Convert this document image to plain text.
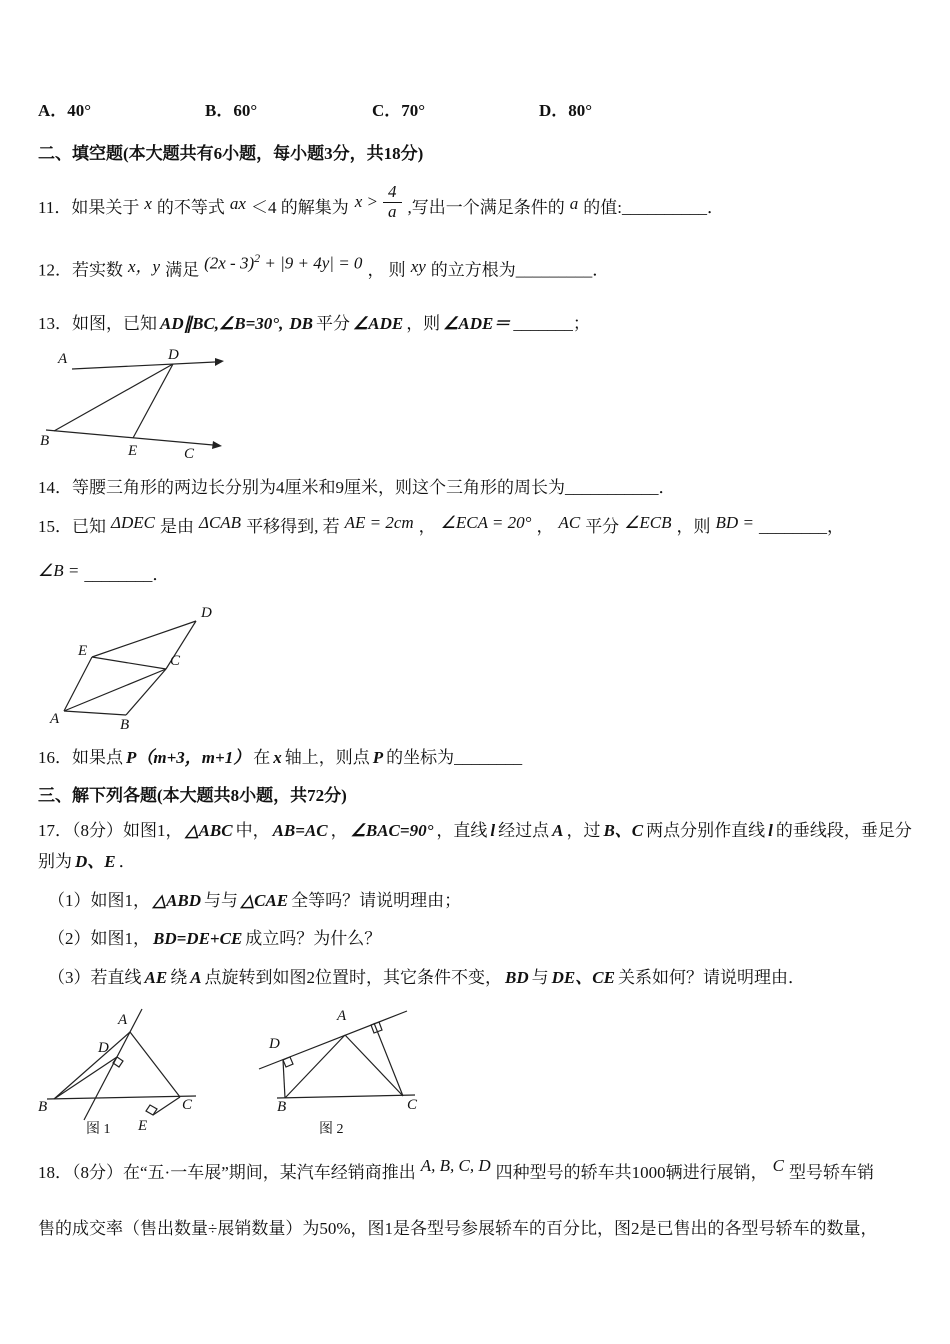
A．40°	B．60°	C．70°	D．80°
二、填空题(本大题共有6小题，每小题3分，共18分)
11．如果关于 x 的不等式 ax ＜4 的解集为 $x > \frac{4}{a}$ ,写出一个满足条件的 a 的值: __________ ．
12．若实数 x，y 满足 (2x - 3)$^2$ + |9 + 4y| = 0 ， 则 xy 的立方根为_________．
13．如图，已知 AD∥BC,∠B=30°, DB 平分 ∠ADE ，则 ∠ADE＝ _______；
A	D
B
E	C
14．等腰三角形的两边长分别为4厘米和9厘米，则这个三角形的周长为___________．
15．已知 ΔDEC 是由 ΔCAB 平移得到, 若 AE = 2cm ， ∠ECA = 20° ， AC 平分 ∠ECB ，则 BD = ________，
∠B = ________．
A	B
C
E
D
16．如果点 P（m+3，m+1） 在 x 轴上，则点 P 的坐标为________
三、解下列各题(本大题共8小题，共72分)
17．（8分）如图1， △ABC 中， AB=AC ， ∠BAC=90° ，直线 l 经过点 A ，过 B、C 两点分别作直线 l 的垂线段，垂足分
别为 D、E ．
（1）如图1， △ABD 与与 △CAE 全等吗？请说明理由；
（2）如图1， BD=DE+CE 成立吗？为什么？
（3）若直线 AE 绕 A 点旋转到如图2位置时，其它条件不变， BD 与 DE、CE 关系如何？请说明理由．
A
D
B	C
E
图 1
D
A
B	C
图 2
18．（8分）在“五·一车展”期间，某汽车经销商推出 A, B, C, D 四种型号的轿车共1000辆进行展销， C 型号轿车销
售的成交率（售出数量÷展销数量）为50%，图1是各型号参展轿车的百分比，图2是已售出的各型号轿车的数量，
